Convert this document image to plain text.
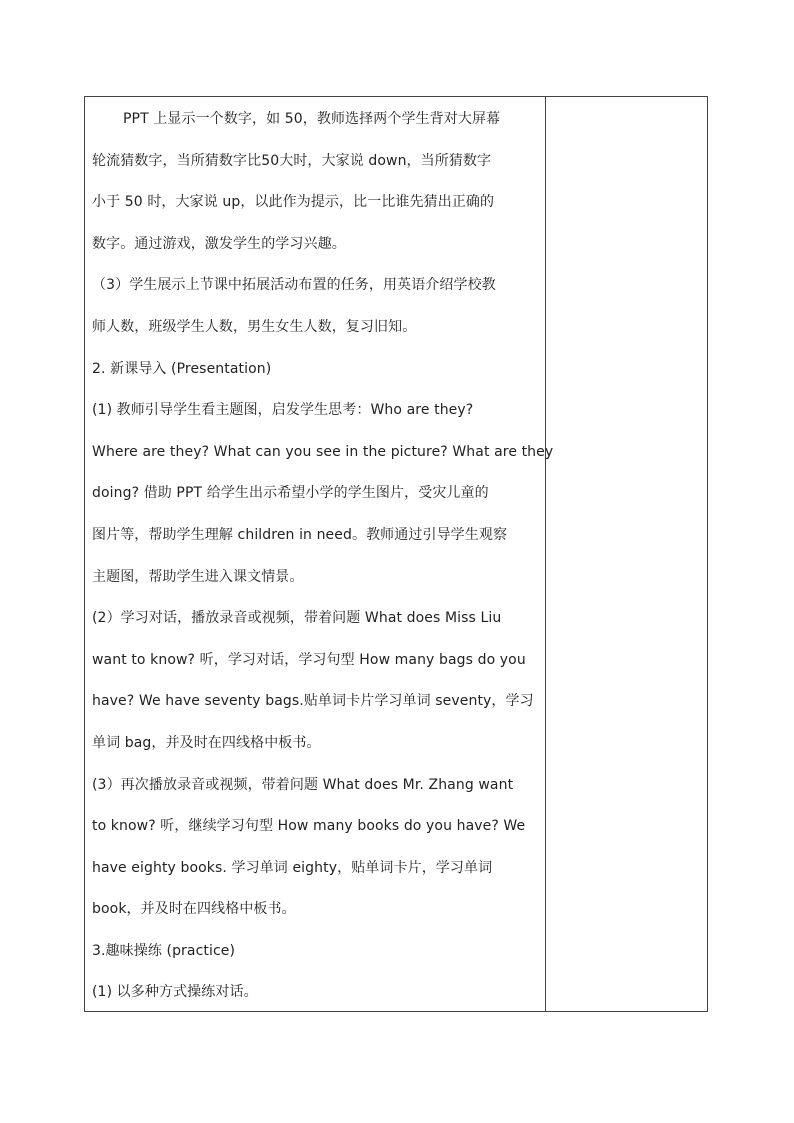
PPT 上显示一个数字，如 50，教师选择两个学生背对大屏幕
轮流猜数字，当所猜数字比50大时，大家说 down，当所猜数字
小于 50 时，大家说 up，以此作为提示，比一比谁先猜出正确的
数字。通过游戏，激发学生的学习兴趣。

（3）学生展示上节课中拓展活动布置的任务，用英语介绍学校教
师人数，班级学生人数，男生女生人数，复习旧知。

2. 新课导入 (Presentation)

(1) 教师引导学生看主题图，启发学生思考：Who are they?
Where are they? What can you see in the picture? What are they
doing? 借助 PPT 给学生出示希望小学的学生图片，受灾儿童的
图片等，帮助学生理解 children in need。教师通过引导学生观察
主题图，帮助学生进入课文情景。

(2）学习对话，播放录音或视频，带着问题 What does Miss Liu
want to know? 听，学习对话，学习句型 How many bags do you
have? We have seventy bags.贴单词卡片学习单词 seventy，学习
单词 bag，并及时在四线格中板书。

(3）再次播放录音或视频，带着问题 What does Mr. Zhang want
to know? 听，继续学习句型 How many books do you have? We
have eighty books. 学习单词 eighty，贴单词卡片，学习单词
book，并及时在四线格中板书。

3.趣味操练 (practice)

(1) 以多种方式操练对话。
